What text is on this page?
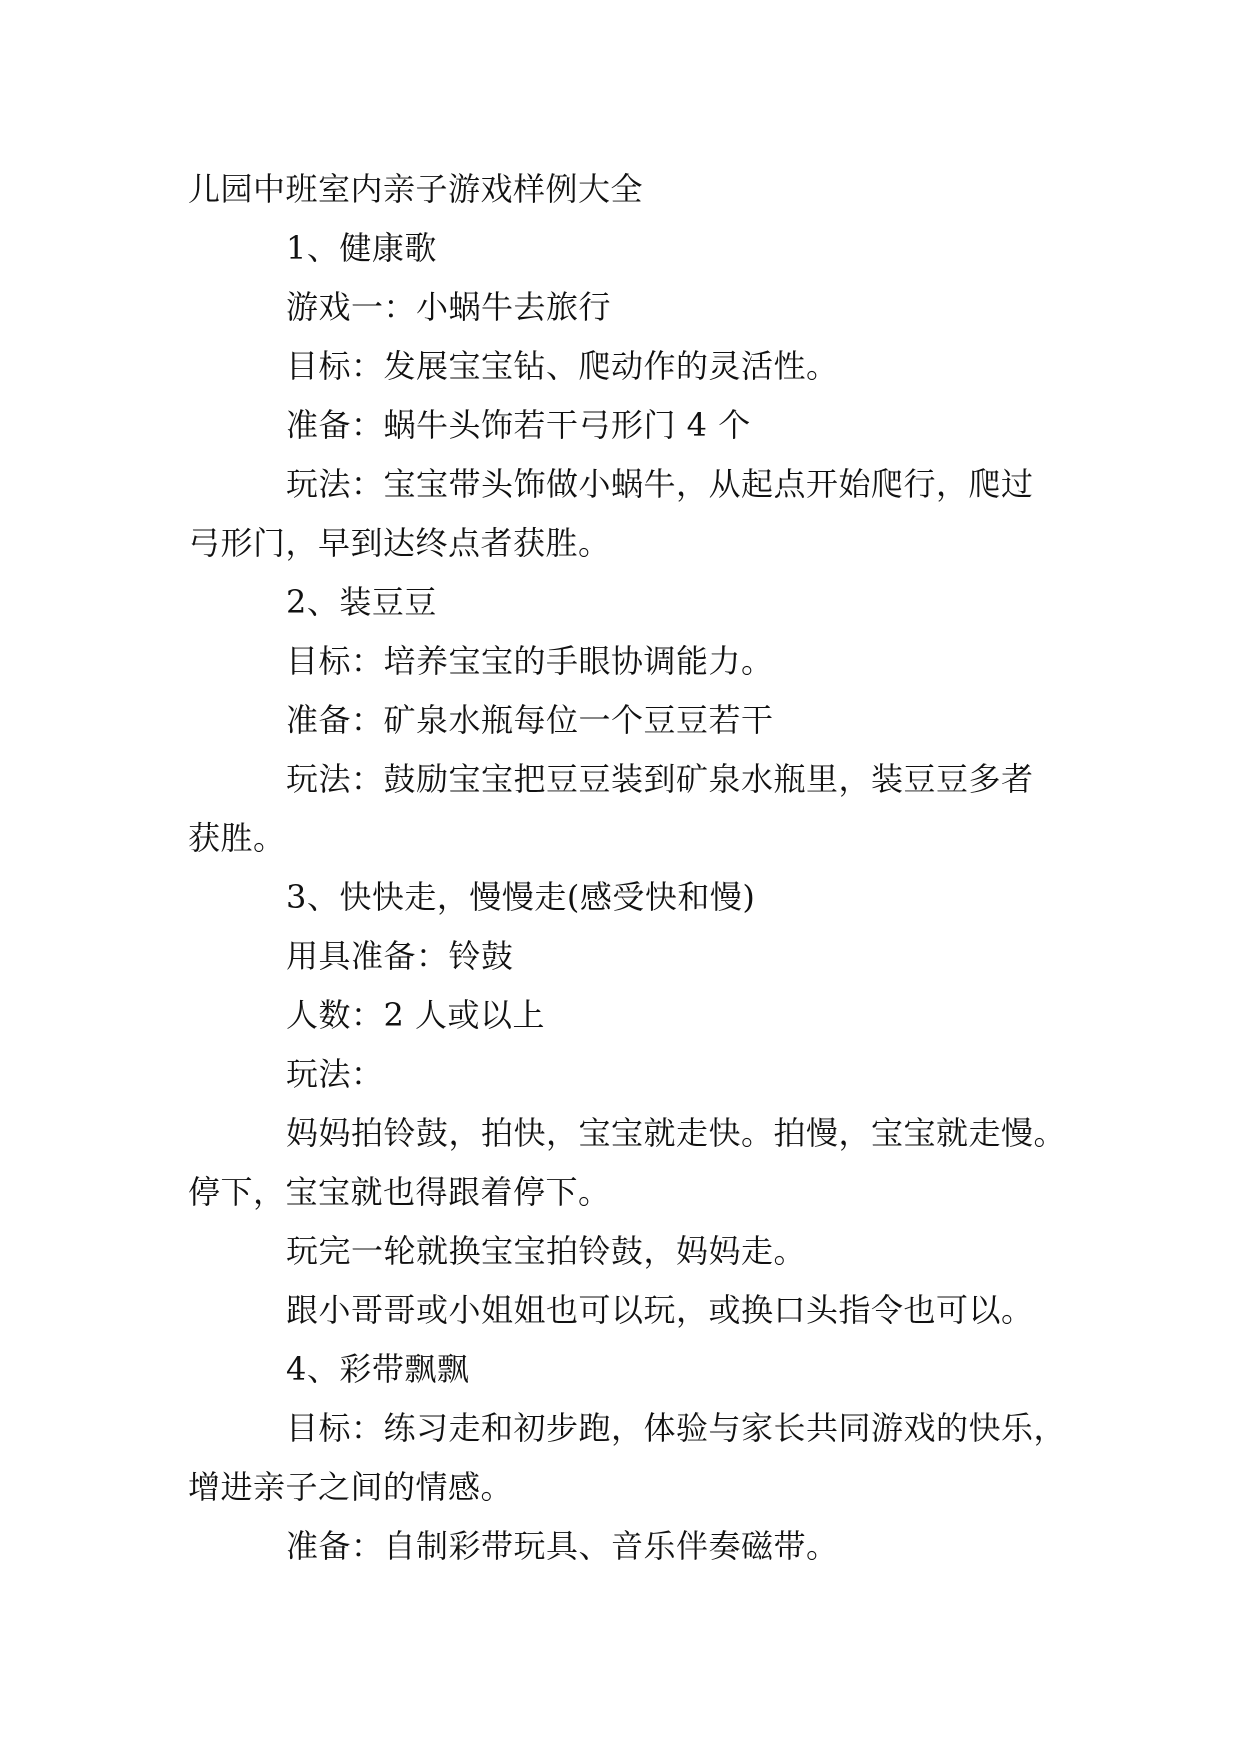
儿园中班室内亲子游戏样例大全
1、健康歌
游戏一：小蜗牛去旅行
目标：发展宝宝钻、爬动作的灵活性。
准备：蜗牛头饰若干弓形门 4 个
玩法：宝宝带头饰做小蜗牛，从起点开始爬行，爬过
弓形门，早到达终点者获胜。
2、装豆豆
目标：培养宝宝的手眼协调能力。
准备：矿泉水瓶每位一个豆豆若干
玩法：鼓励宝宝把豆豆装到矿泉水瓶里，装豆豆多者
获胜。
3、快快走，慢慢走(感受快和慢)
用具准备：铃鼓
人数：2 人或以上
玩法：
妈妈拍铃鼓，拍快，宝宝就走快。拍慢，宝宝就走慢。
停下，宝宝就也得跟着停下。
玩完一轮就换宝宝拍铃鼓，妈妈走。
跟小哥哥或小姐姐也可以玩，或换口头指令也可以。
4、彩带飘飘
目标：练习走和初步跑，体验与家长共同游戏的快乐，
增进亲子之间的情感。
准备：自制彩带玩具、音乐伴奏磁带。
